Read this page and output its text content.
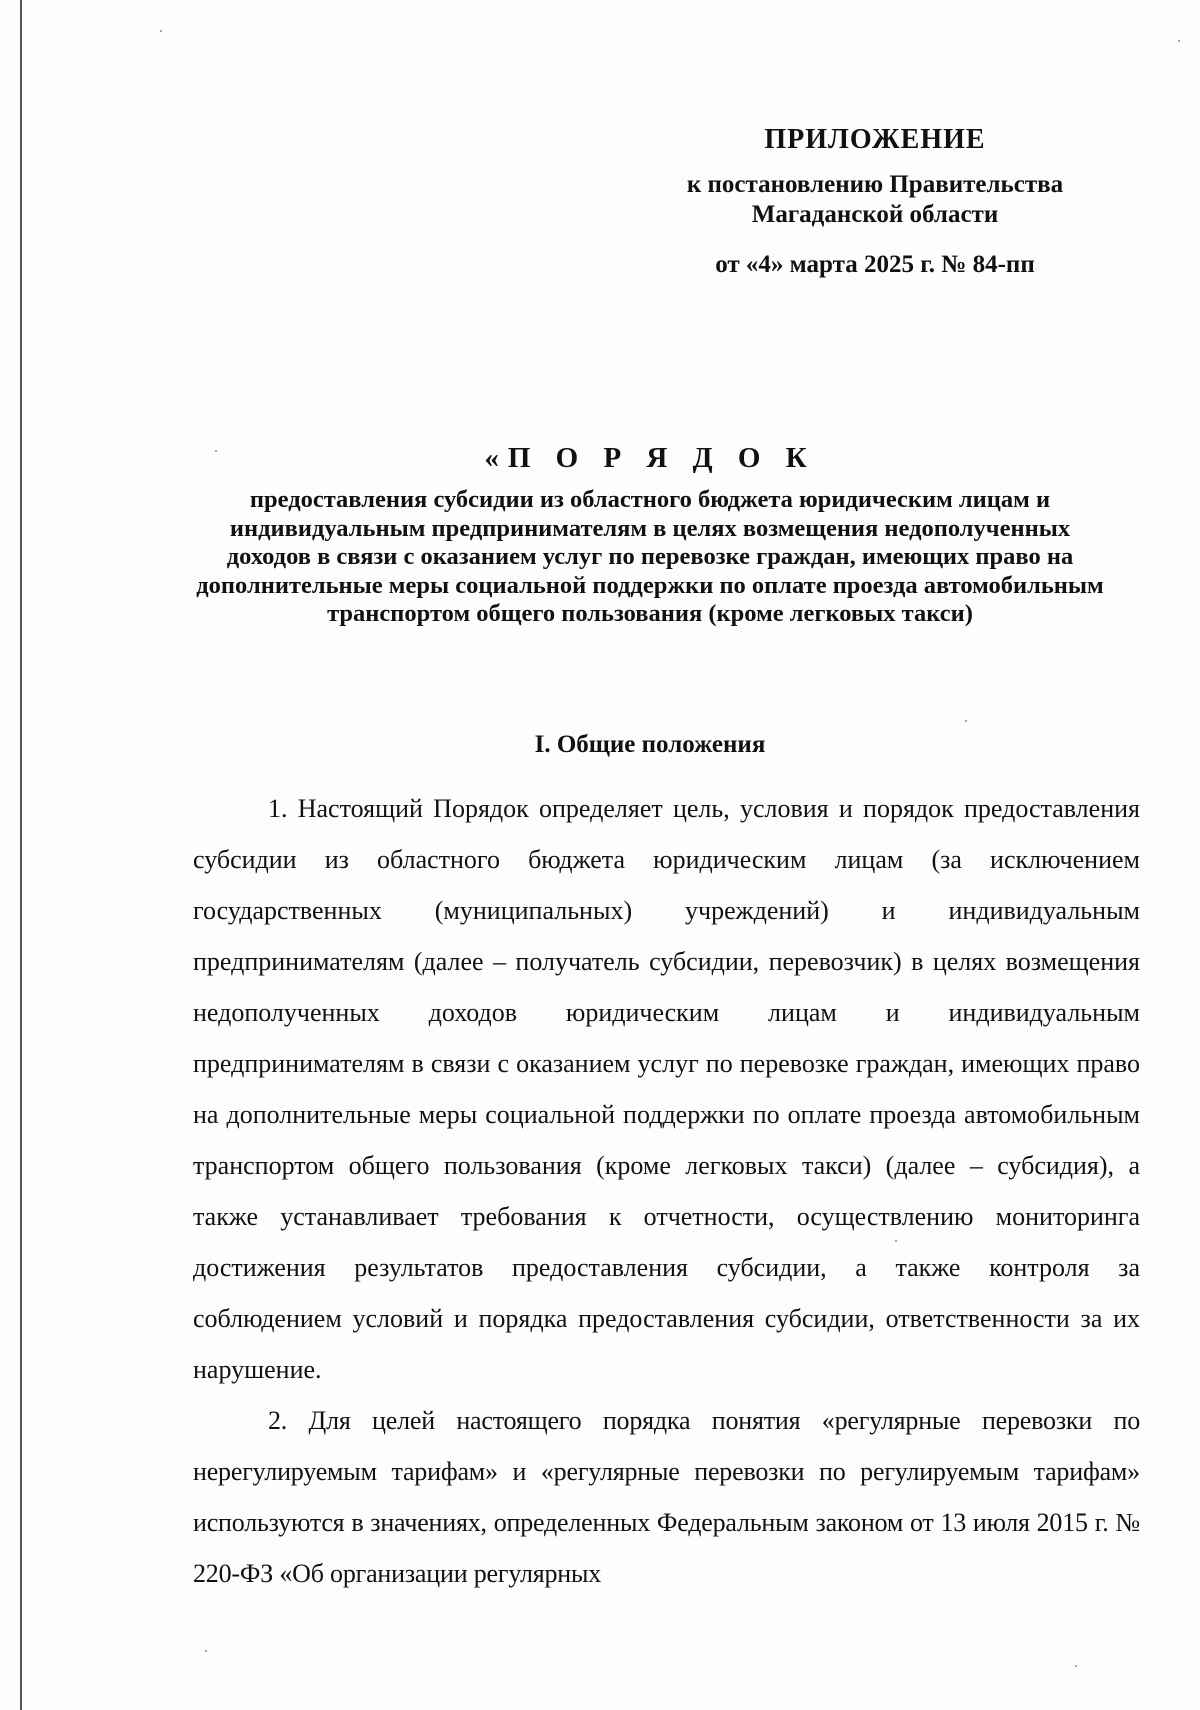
ПРИЛОЖЕНИЕ
к постановлению Правительства
Магаданской области
от «4» марта 2025 г. № 84-пп
«П О Р Я Д О К
предоставления субсидии из областного бюджета юридическим лицам и индивидуальным предпринимателям в целях возмещения недополученных доходов в связи с оказанием услуг по перевозке граждан, имеющих право на дополнительные меры социальной поддержки по оплате проезда автомобильным транспортом общего пользования (кроме легковых такси)
I. Общие положения

1. Настоящий Порядок определяет цель, условия и порядок предоставления субсидии из областного бюджета юридическим лицам (за исключением государственных (муниципальных) учреждений) и индивидуальным предпринимателям (далее – получатель субсидии, перевозчик) в целях возмещения недополученных доходов юридическим лицам и индивидуальным предпринимателям в связи с оказанием услуг по перевозке граждан, имеющих право на дополнительные меры социальной поддержки по оплате проезда автомобильным транспортом общего пользования (кроме легковых такси) (далее – субсидия), а также устанавливает требования к отчетности, осуществлению мониторинга достижения результатов предоставления субсидии, а также контроля за соблюдением условий и порядка предоставления субсидии, ответственности за их нарушение.

2. Для целей настоящего порядка понятия «регулярные перевозки по нерегулируемым тарифам» и «регулярные перевозки по регулируемым тарифам» используются в значениях, определенных Федеральным законом от 13 июля 2015 г. № 220-ФЗ «Об организации регулярных
